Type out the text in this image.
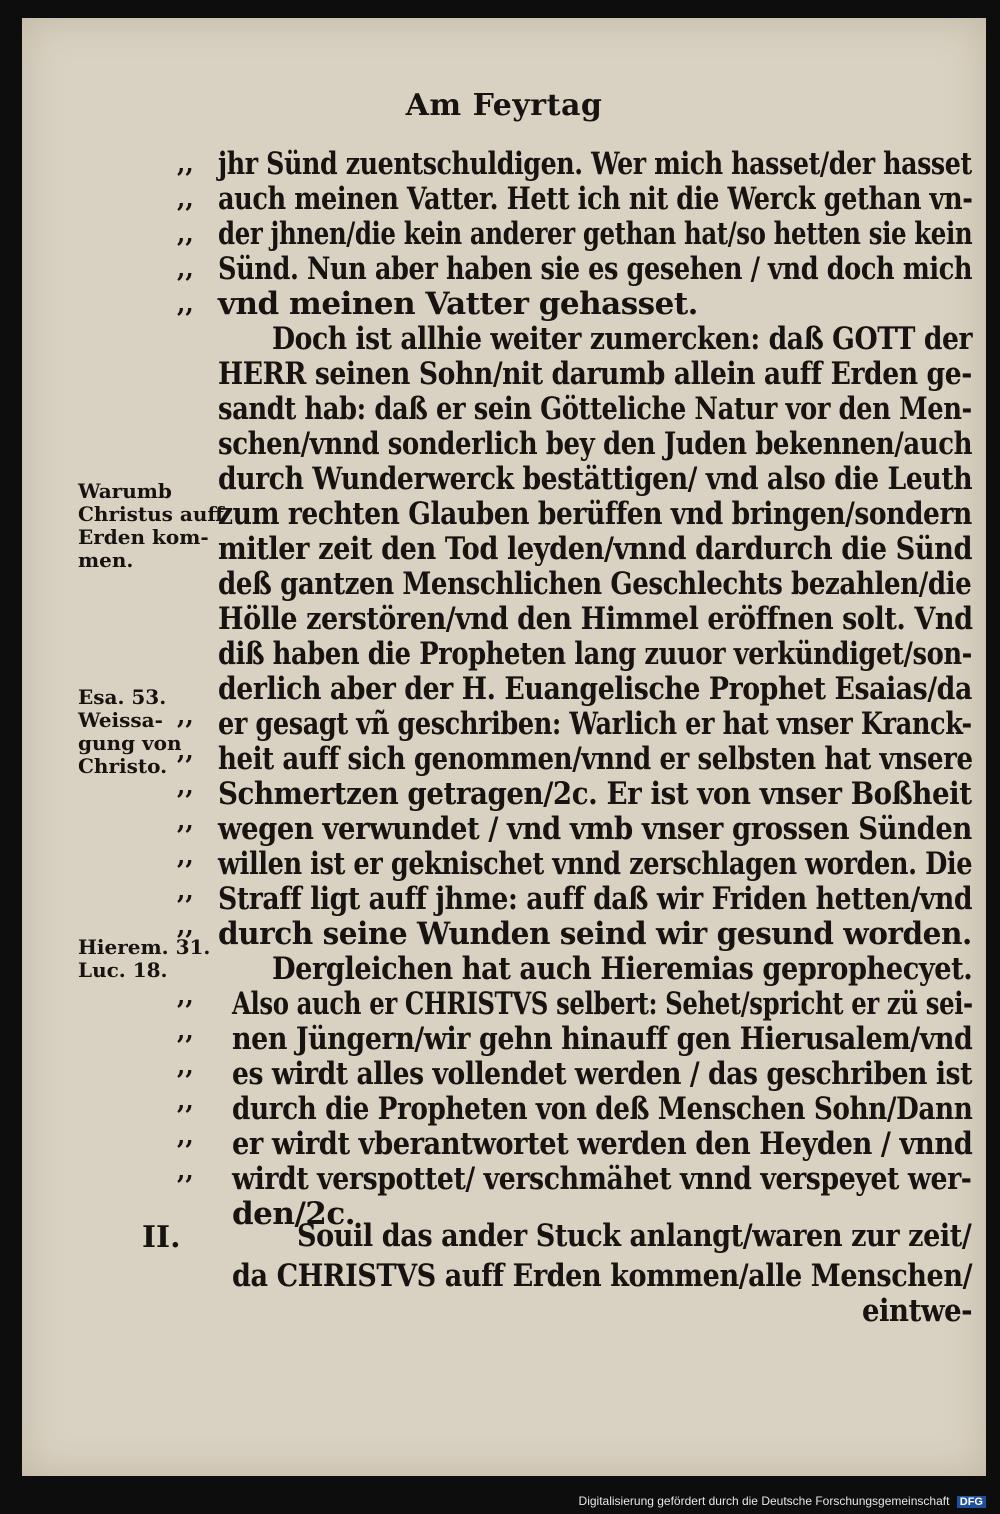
Am Feyrtag
,,
,,
,,
,,
,,
,,
,,
,,
,,
,,
,,
,,
,,
,,
,,
,,
,,
,,
Warumb
Christus auff
Erden kom-
men.
Esa. 53.
Weissa-
gung von
Christo.
Hierem. 31.
Luc. 18.
II.
jhr Sünd zuentschuldigen. Wer mich hasset/der hasset
auch meinen Vatter. Hett ich nit die Werck gethan vn-
der jhnen/die kein anderer gethan hat/so hetten sie kein
Sünd. Nun aber haben sie es gesehen / vnd doch mich
vnd meinen Vatter gehasset.
Doch ist allhie weiter zumercken: daß GOTT der
HERR seinen Sohn/nit darumb allein auff Erden ge-
sandt hab: daß er sein Götteliche Natur vor den Men-
schen/vnnd sonderlich bey den Juden bekennen/auch
durch Wunderwerck bestättigen/ vnd also die Leuth
zum rechten Glauben berüffen vnd bringen/sondern
mitler zeit den Tod leyden/vnnd dardurch die Sünd
deß gantzen Menschlichen Geschlechts bezahlen/die
Hölle zerstören/vnd den Himmel eröffnen solt. Vnd
diß haben die Propheten lang zuuor verkündiget/son-
derlich aber der H. Euangelische Prophet Esaias/da
er gesagt vñ geschriben: Warlich er hat vnser Kranck-
heit auff sich genommen/vnnd er selbsten hat vnsere
Schmertzen getragen/2c. Er ist von vnser Boßheit
wegen verwundet / vnd vmb vnser grossen Sünden
willen ist er geknischet vnnd zerschlagen worden. Die
Straff ligt auff jhme: auff daß wir Friden hetten/vnd
durch seine Wunden seind wir gesund worden.
Dergleichen hat auch Hieremias geprophecyet.
Also auch er CHRISTVS selbert: Sehet/spricht er zü sei-
nen Jüngern/wir gehn hinauff gen Hierusalem/vnd
es wirdt alles vollendet werden / das geschriben ist
durch die Propheten von deß Menschen Sohn/Dann
er wirdt vberantwortet werden den Heyden / vnnd
wirdt verspottet/ verschmähet vnnd verspeyet wer-
den/2c.
Souil das ander Stuck anlangt/waren zur zeit/
da CHRISTVS auff Erden kommen/alle Menschen/
eintwe-
Digitalisierung gefördert durch die Deutsche Forschungsgemeinschaft DFG
